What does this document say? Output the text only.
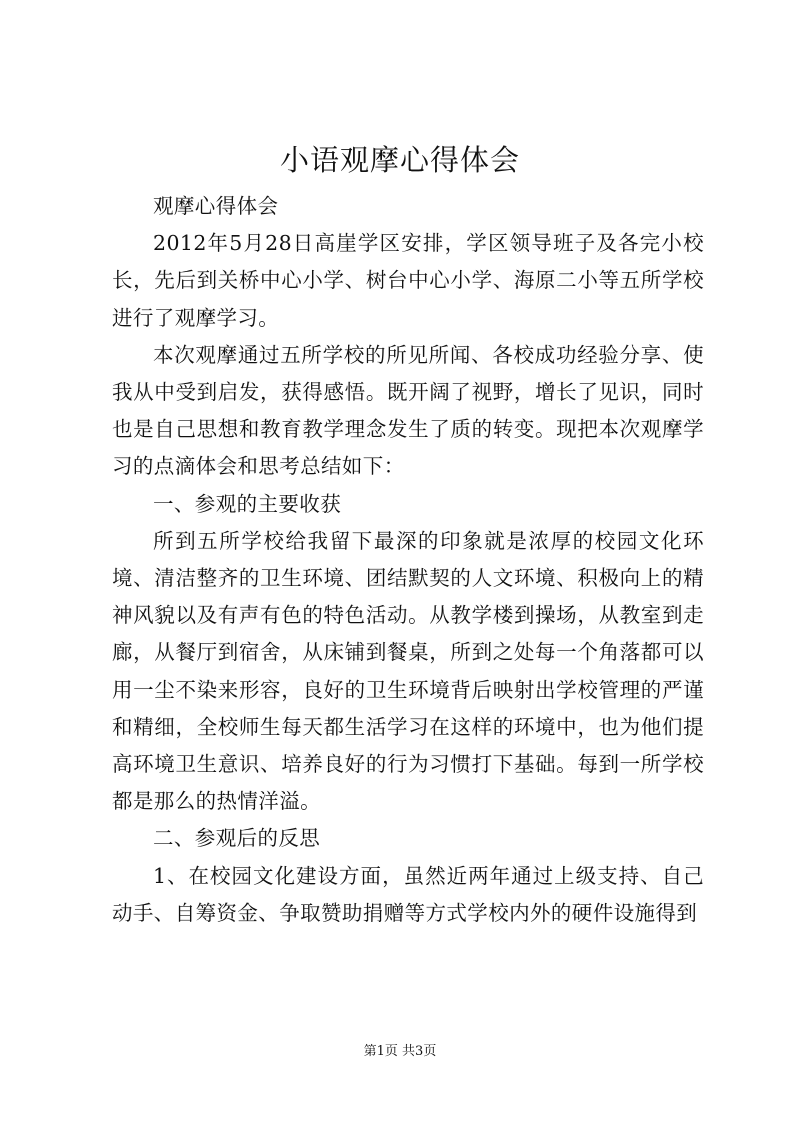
小语观摩心得体会

观摩心得体会

2012年5月28日高崖学区安排，学区领导班子及各完小校长，先后到关桥中心小学、树台中心小学、海原二小等五所学校进行了观摩学习。

本次观摩通过五所学校的所见所闻、各校成功经验分享、使我从中受到启发，获得感悟。既开阔了视野，增长了见识，同时也是自己思想和教育教学理念发生了质的转变。现把本次观摩学习的点滴体会和思考总结如下：

一、参观的主要收获

所到五所学校给我留下最深的印象就是浓厚的校园文化环境、清洁整齐的卫生环境、团结默契的人文环境、积极向上的精神风貌以及有声有色的特色活动。从教学楼到操场，从教室到走廊，从餐厅到宿舍，从床铺到餐桌，所到之处每一个角落都可以用一尘不染来形容，良好的卫生环境背后映射出学校管理的严谨和精细，全校师生每天都生活学习在这样的环境中，也为他们提高环境卫生意识、培养良好的行为习惯打下基础。每到一所学校都是那么的热情洋溢。

二、参观后的反思

1、在校园文化建设方面，虽然近两年通过上级支持、自己动手、自筹资金、争取赞助捐赠等方式学校内外的硬件设施得到

第1页 共3页
